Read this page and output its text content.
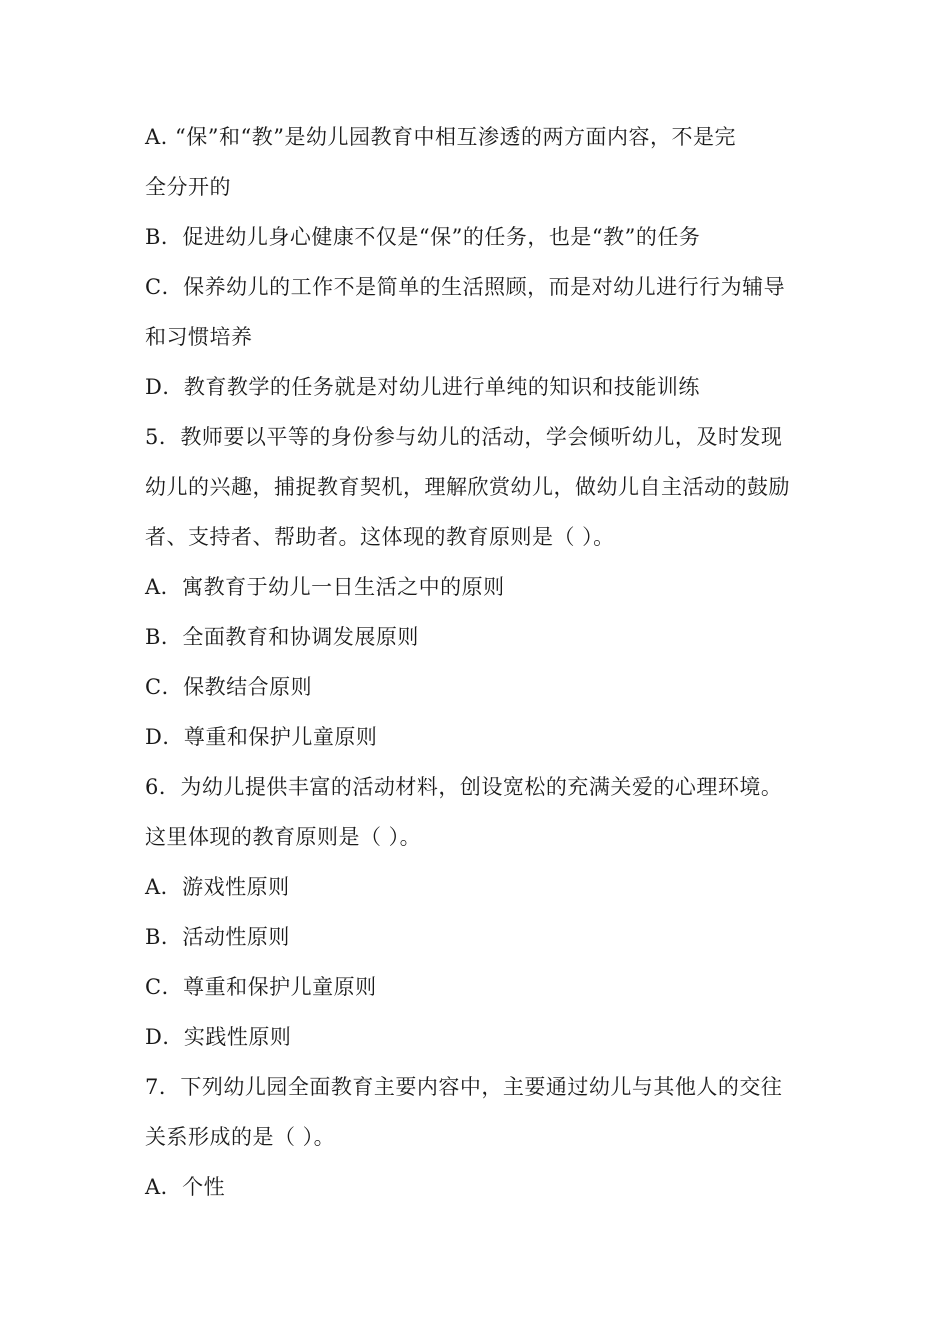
A. “保”和“教”是幼儿园教育中相互渗透的两方面内容，不是完
全分开的
B．促进幼儿身心健康不仅是“保”的任务，也是“教”的任务
C．保养幼儿的工作不是简单的生活照顾，而是对幼儿进行行为辅导
和习惯培养
D．教育教学的任务就是对幼儿进行单纯的知识和技能训练
5．教师要以平等的身份参与幼儿的活动，学会倾听幼儿，及时发现
幼儿的兴趣，捕捉教育契机，理解欣赏幼儿，做幼儿自主活动的鼓励
者、支持者、帮助者。这体现的教育原则是（ ）。
A．寓教育于幼儿一日生活之中的原则
B．全面教育和协调发展原则
C．保教结合原则
D．尊重和保护儿童原则
6．为幼儿提供丰富的活动材料，创设宽松的充满关爱的心理环境。
这里体现的教育原则是（ ）。
A．游戏性原则
B．活动性原则
C．尊重和保护儿童原则
D．实践性原则
7．下列幼儿园全面教育主要内容中，主要通过幼儿与其他人的交往
关系形成的是（ ）。
A．个性
